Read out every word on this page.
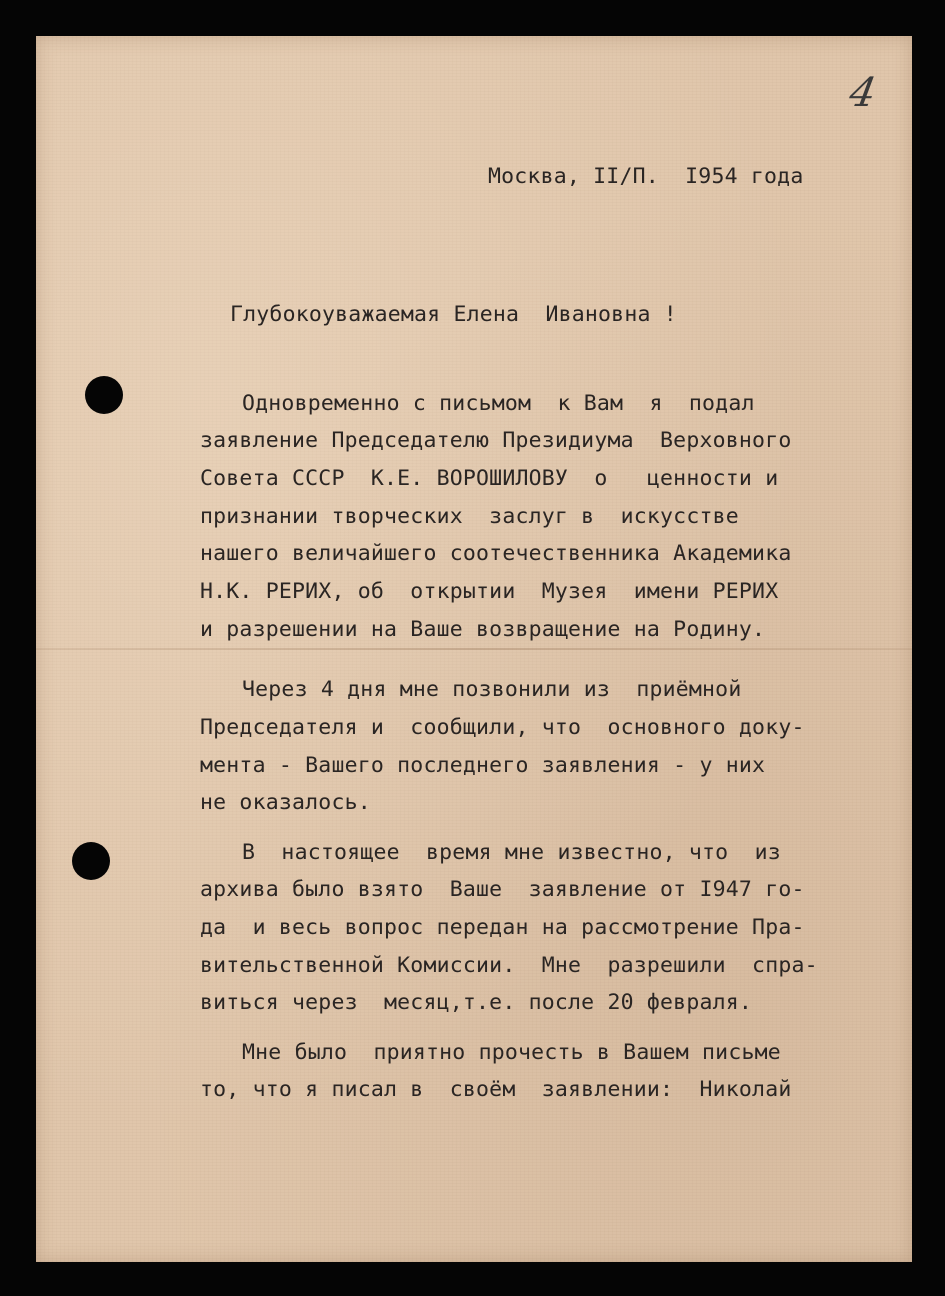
4
Москва, II/П.  I954 года
Глубокоуважаемая Елена  Ивановна !
Одновременно с письмом  к Вам  я  подал
заявление Председателю Президиума  Верховного
Совета СССР  К.Е. ВОРОШИЛОВУ  о   ценности и
признании творческих  заслуг в  искусстве
нашего величайшего соотечественника Академика
Н.К. РЕРИХ, об  открытии  Музея  имени РЕРИХ
и разрешении на Ваше возвращение на Родину.
Через 4 дня мне позвонили из  приёмной
Председателя и  сообщили, что  основного доку-
мента - Вашего последнего заявления - у них
не оказалось.
В  настоящее  время мне известно, что  из
архива было взято  Ваше  заявление от I947 го-
да  и весь вопрос передан на рассмотрение Пра-
вительственной Комиссии.  Мне  разрешили  спра-
виться через  месяц,т.е. после 20 февраля.
Мне было  приятно прочесть в Вашем письме
то, что я писал в  своём  заявлении:  Николай
